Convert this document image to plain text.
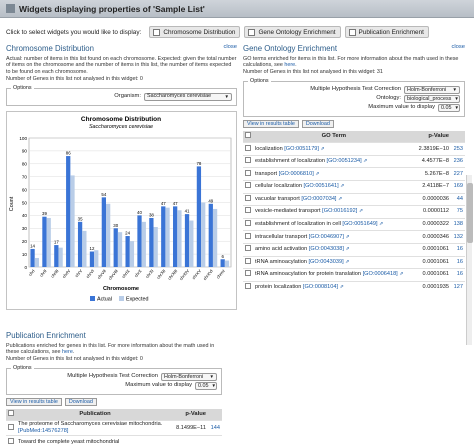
Widgets displaying properties of 'Sample List'
Click to select widgets you would like to display:	Chromosome Distribution	Gene Ontology Enrichment	Publication Enrichment
close
Chromosome Distribution
Actual: number of items in this list found on each chromosome. Expected: given the total number of items on the chromosome and the number of items in this list, the number of items expected to be found on each chromosome.
Number of Genes in this list not analysed in this widget: 0
Options
Organism: Saccharomyces cerevisiae	▼
Chromosome Distribution
Saccharomyces cerevisiae
Count
Chromosome
0
10
20
30
40
50
60
70
80
90
100
14
39
17
86
35
12
54
30
24
40
38
47 47
41
78
49
6
chrI chrII chrIII chrIV chrV chrVI chrVII chrVIII chrIX chrX chrXI chrXII chrXIII chrXIV chrXV chrXVI chrmt
Actual	Expected
close
Gene Ontology Enrichment
GO terms enriched for items in this list. For more information about the math used in these calculations, see here.
Number of Genes in this list not analysed in this widget: 31
Options
Multiple Hypothesis Test Correction Holm-Bonferroni ▼
Ontology: biological_process ▼
Maximum value to display 0.05 ▼
View in results table	Download
	GO Term	p-Value	
	localization [GO:0051179] ⇗	2.3819E−10	253
	establishment of localization [GO:0051234] ⇗	4.4577E−8	236
	transport [GO:0006810] ⇗	5.267E−8	227
	cellular localization [GO:0051641] ⇗	2.4118E−7	169
	vacuolar transport [GO:0007034] ⇗	0.0000036	44
	vesicle-mediated transport [GO:0016192] ⇗	0.0000112	75
	establishment of localization in cell [GO:0051649] ⇗	0.0000322	138
	intracellular transport [GO:0046907] ⇗	0.0000346	132
	amino acid activation [GO:0043038] ⇗	0.0001061	16
	tRNA aminoacylation [GO:0043039] ⇗	0.0001061	16
	tRNA aminoacylation for protein translation [GO:0006418] ⇗	0.0001061	16
	protein localization [GO:0008104] ⇗	0.0001935	127
Publication Enrichment
Publications enriched for genes in this list. For more information about the math used in these calculations, see here.
Number of Genes in this list not analysed in this widget: 0
Options
Multiple Hypothesis Test Correction Holm-Bonferroni ▼
Maximum value to display 0.05 ▼
View in results table	Download
	Publication	p-Value	
	The proteome of Saccharomyces cerevisiae mitochondria. [PubMed:14576278]	8.1499E−11	144
	Toward the complete yeast mitochondrial		
